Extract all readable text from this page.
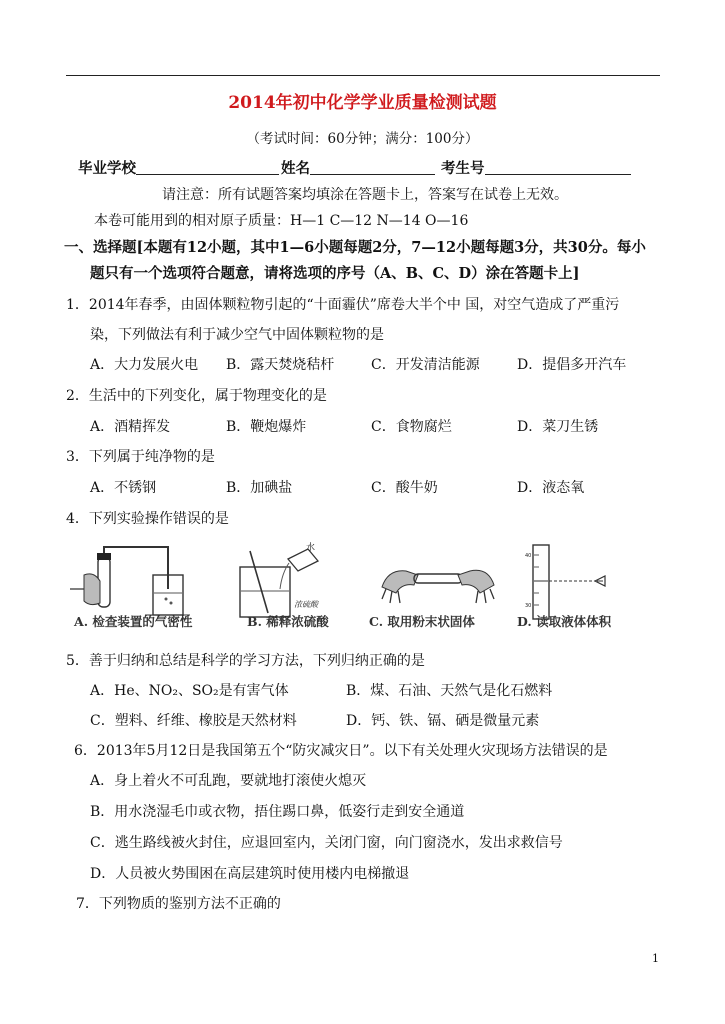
2014年初中化学学业质量检测试题
（考试时间：60分钟；满分：100分）
毕业学校	姓名	考生号
请注意：所有试题答案均填涂在答题卡上，答案写在试卷上无效。
本卷可能用到的相对原子质量：H—1 C—12 N—14 O—16
一、选择题[本题有12小题，其中1—6小题每题2分，7—12小题每题3分，共30分。每小
题只有一个选项符合题意，请将选项的序号（A、B、C、D）涂在答题卡上]
1．2014年春季，由固体颗粒物引起的“十面霾伏”席卷大半个中 国，对空气造成了严重污
染，下列做法有利于减少空气中固体颗粒物的是
A．大力发展火电 B．露天焚烧秸杆	C．开发清洁能源	D．提倡多开汽车
2．生活中的下列变化，属于物理变化的是
A．酒精挥发	B．鞭炮爆炸	C．食物腐烂	D．菜刀生锈
3．下列属于纯净物的是
A．不锈钢	B．加碘盐	C．酸牛奶	D．液态氧
4．下列实验操作错误的是
A. 检查装置的气密性
水
浓硫酸
B. 稀释浓硫酸	C. 取用粉末状固体
40
30
D. 读取液体体积
5．善于归纳和总结是科学的学习方法，下列归纳正确的是
A．He、NO₂、SO₂是有害气体	B．煤、石油、天然气是化石燃料
C．塑料、纤维、橡胶是天然材料	D．钙、铁、镉、硒是微量元素
6．2013年5月12日是我国第五个“防灾减灾日”。以下有关处理火灾现场方法错误的是
A．身上着火不可乱跑，要就地打滚使火熄灭
B．用水浇湿毛巾或衣物，捂住踢口鼻，低姿行走到安全通道
C．逃生路线被火封住，应退回室内，关闭门窗，向门窗浇水，发出求救信号
D．人员被火势围困在高层建筑时使用楼内电梯撤退
7．下列物质的鉴别方法不正确的
1
